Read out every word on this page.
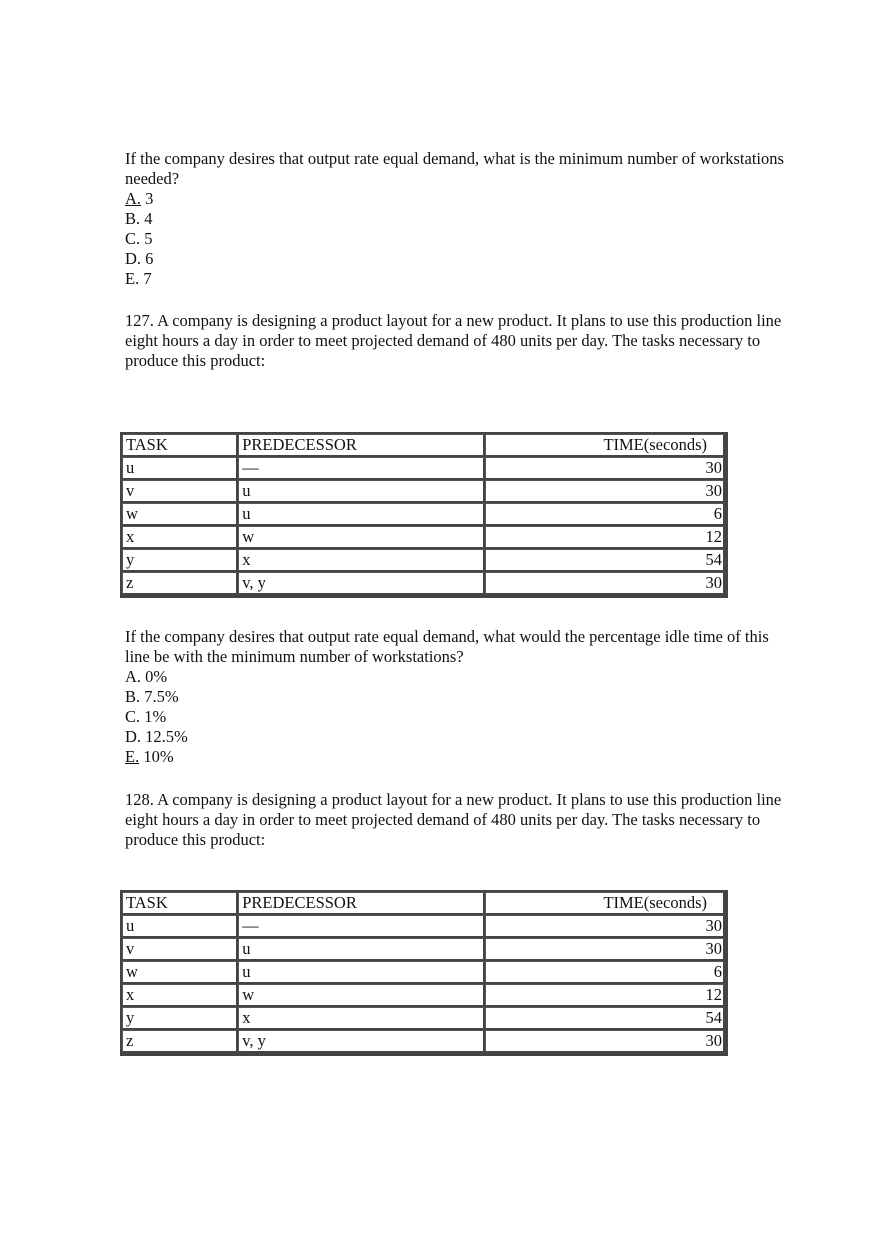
If the company desires that output rate equal demand, what is the minimum number of workstations needed?

A. 3

B. 4

C. 5

D. 6

E. 7

127. A company is designing a product layout for a new product. It plans to use this production line eight hours a day in order to meet projected demand of 480 units per day. The tasks necessary to produce this product:

TASK	PREDECESSOR	TIME(seconds)
u	—	30
v	u	30
w	u	6
x	w	12
y	x	54
z	v, y	30

If the company desires that output rate equal demand, what would the percentage idle time of this line be with the minimum number of workstations?

A. 0%

B. 7.5%

C. 1%

D. 12.5%

E. 10%

128. A company is designing a product layout for a new product. It plans to use this production line eight hours a day in order to meet projected demand of 480 units per day. The tasks necessary to produce this product:

TASK	PREDECESSOR	TIME(seconds)
u	—	30
v	u	30
w	u	6
x	w	12
y	x	54
z	v, y	30
